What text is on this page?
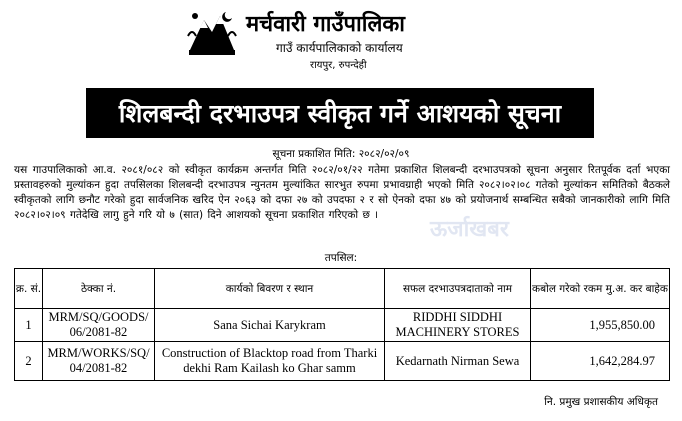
मर्चवारी गाउँपालिका
गाउँ कार्यपालिकाको कार्यालय
रायपुर, रुपन्देही
शिलबन्दी दरभाउपत्र स्वीकृत गर्ने आशयको सूचना
सूचना प्रकाशित मिति: २०८२/०२/०९
यस गाउपालिकाको आ.व. २०८१/०८२ को स्वीकृत कार्यक्रम अन्तर्गत मिति २०८२/०१/२२ गतेमा प्रकाशित शिलबन्दी दरभाउपत्रको सूचना अनुसार रितपूर्वक दर्ता भएका प्रस्तावहरुको मुल्यांकन हुदा तपसिलका शिलबन्दी दरभाउपत्र न्युनतम मुल्यांकित सारभुत रुपमा प्रभावग्राही भएको मिति २०८२।०२।०८ गतेको मुल्यांकन समितिको बैठकले स्वीकृतको लागि छनौट गरेको हुदा सार्वजनिक खरिद ऐन २०६३ को दफा २७ को उपदफा २ र सो ऐनको दफा ४७ को प्रयोजनार्थ सम्बन्धित सबैको जानकारीको लागि मिति २०८२।०२।०९ गतेदेखि लागु हुने गरि यो ७ (सात) दिने आशयको सूचना प्रकाशित गरिएको छ ।
ऊर्जाखबर
तपसिल:
क्र. सं.	ठेक्का नं.	कार्यको बिवरण र स्थान	सफल दरभाउपत्रदाताको नाम	कबोल गरेको रकम मु.अ. कर बाहेक
1	MRM/SQ/GOODS/ 06/2081-82	Sana Sichai Karykram	RIDDHI SIDDHI MACHINERY STORES	1,955,850.00
2	MRM/WORKS/SQ/ 04/2081-82	Construction of Blacktop road from Tharki dekhi Ram Kailash ko Ghar samm	Kedarnath Nirman Sewa	1,642,284.97
नि. प्रमुख प्रशासकीय अधिकृत
